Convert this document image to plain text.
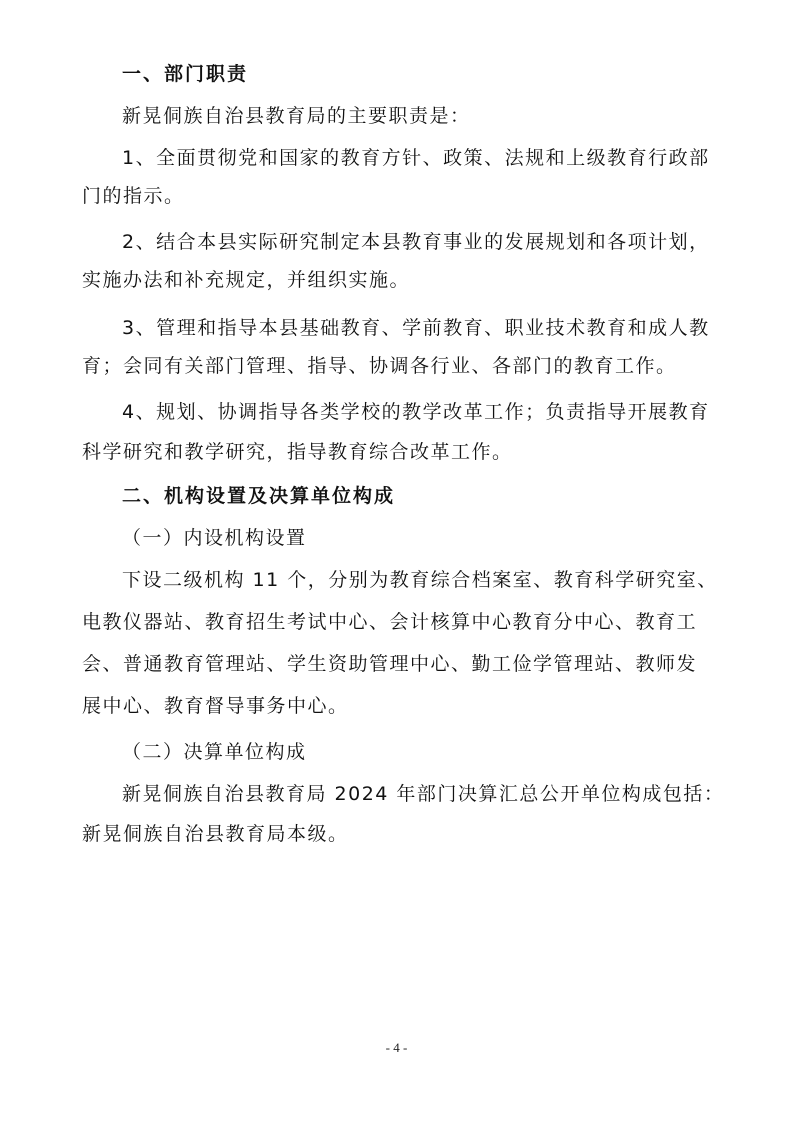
一、部门职责
新晃侗族自治县教育局的主要职责是：
1、全面贯彻党和国家的教育方针、政策、法规和上级教育行政部
门的指示。
2、结合本县实际研究制定本县教育事业的发展规划和各项计划，
实施办法和补充规定，并组织实施。
3、管理和指导本县基础教育、学前教育、职业技术教育和成人教
育；会同有关部门管理、指导、协调各行业、各部门的教育工作。
4、规划、协调指导各类学校的教学改革工作；负责指导开展教育
科学研究和教学研究，指导教育综合改革工作。
二、机构设置及决算单位构成
（一）内设机构设置
下设二级机构 11 个，分别为教育综合档案室、教育科学研究室、
电教仪器站、教育招生考试中心、会计核算中心教育分中心、教育工
会、普通教育管理站、学生资助管理中心、勤工俭学管理站、教师发
展中心、教育督导事务中心。
（二）决算单位构成
新晃侗族自治县教育局 2024 年部门决算汇总公开单位构成包括：
新晃侗族自治县教育局本级。
- 4 -
